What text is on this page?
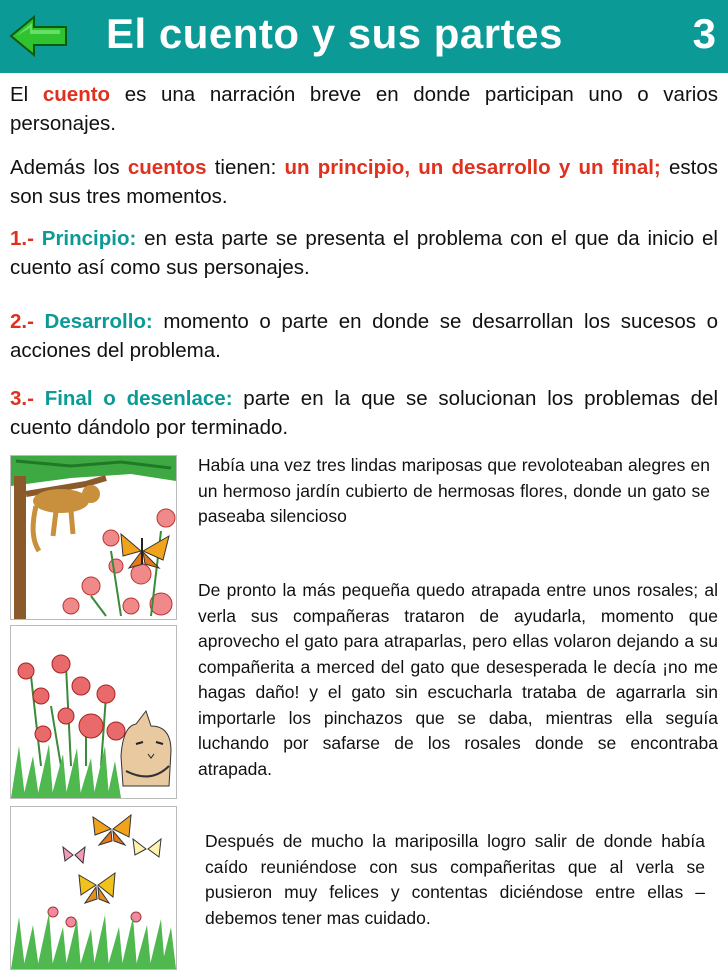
El cuento y sus partes	3

El cuento es una narración breve en donde participan uno o varios personajes.

Además los cuentos tienen: un principio, un desarrollo y un final; estos son sus tres momentos.

1.- Principio: en esta parte se presenta el problema con el que da inicio el cuento así como sus personajes.

2.- Desarrollo: momento o parte en donde se desarrollan los sucesos o acciones del problema.

3.- Final o desenlace: parte en la que se solucionan los problemas del cuento dándolo por terminado.

Había una vez tres lindas mariposas que revoloteaban alegres en un hermoso jardín cubierto de hermosas flores, donde un gato se paseaba silencioso

De pronto la más pequeña quedo atrapada entre unos rosales; al verla sus compañeras trataron de ayudarla, momento que aprovecho el gato para atraparlas, pero ellas volaron dejando a su compañerita a merced del gato que desesperada le decía ¡no me hagas daño! y el gato sin escucharla trataba de agarrarla sin importarle los pinchazos que se daba, mientras ella seguía luchando por safarse de los rosales donde se encontraba atrapada.

Después de mucho la mariposilla logro salir de donde había caído reuniéndose con sus compañeritas que al verla se pusieron muy felices y contentas diciéndose entre ellas – debemos tener mas cuidado.
